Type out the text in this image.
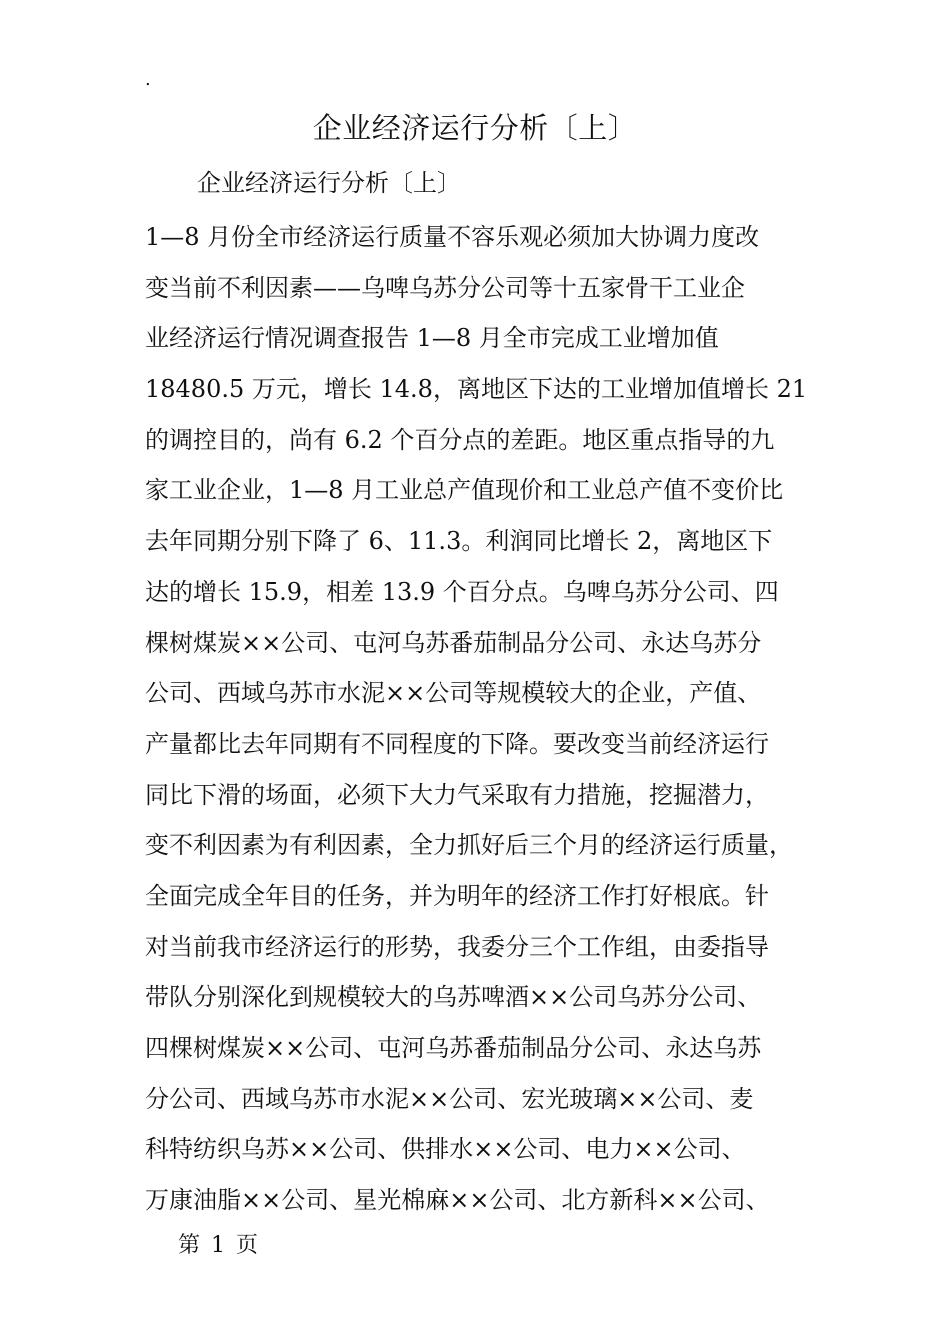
.
企业经济运行分析〔上〕
企业经济运行分析〔上〕
1—8 月份全市经济运行质量不容乐观必须加大协调力度改
变当前不利因素——乌啤乌苏分公司等十五家骨干工业企
业经济运行情况调查报告 1—8 月全市完成工业增加值
18480.5 万元，增长 14.8，离地区下达的工业增加值增长 21
的调控目的，尚有 6.2 个百分点的差距。地区重点指导的九
家工业企业，1—8 月工业总产值现价和工业总产值不变价比
去年同期分别下降了 6、11.3。利润同比增长 2，离地区下
达的增长 15.9，相差 13.9 个百分点。乌啤乌苏分公司、四
棵树煤炭××公司、屯河乌苏番茄制品分公司、永达乌苏分
公司、西域乌苏市水泥××公司等规模较大的企业，产值、
产量都比去年同期有不同程度的下降。要改变当前经济运行
同比下滑的场面，必须下大力气采取有力措施，挖掘潜力，
变不利因素为有利因素，全力抓好后三个月的经济运行质量，
全面完成全年目的任务，并为明年的经济工作打好根底。针
对当前我市经济运行的形势，我委分三个工作组，由委指导
带队分别深化到规模较大的乌苏啤酒××公司乌苏分公司、
四棵树煤炭××公司、屯河乌苏番茄制品分公司、永达乌苏
分公司、西域乌苏市水泥××公司、宏光玻璃××公司、麦
科特纺织乌苏××公司、供排水××公司、电力××公司、
万康油脂××公司、星光棉麻××公司、北方新科××公司、
第 1 页
